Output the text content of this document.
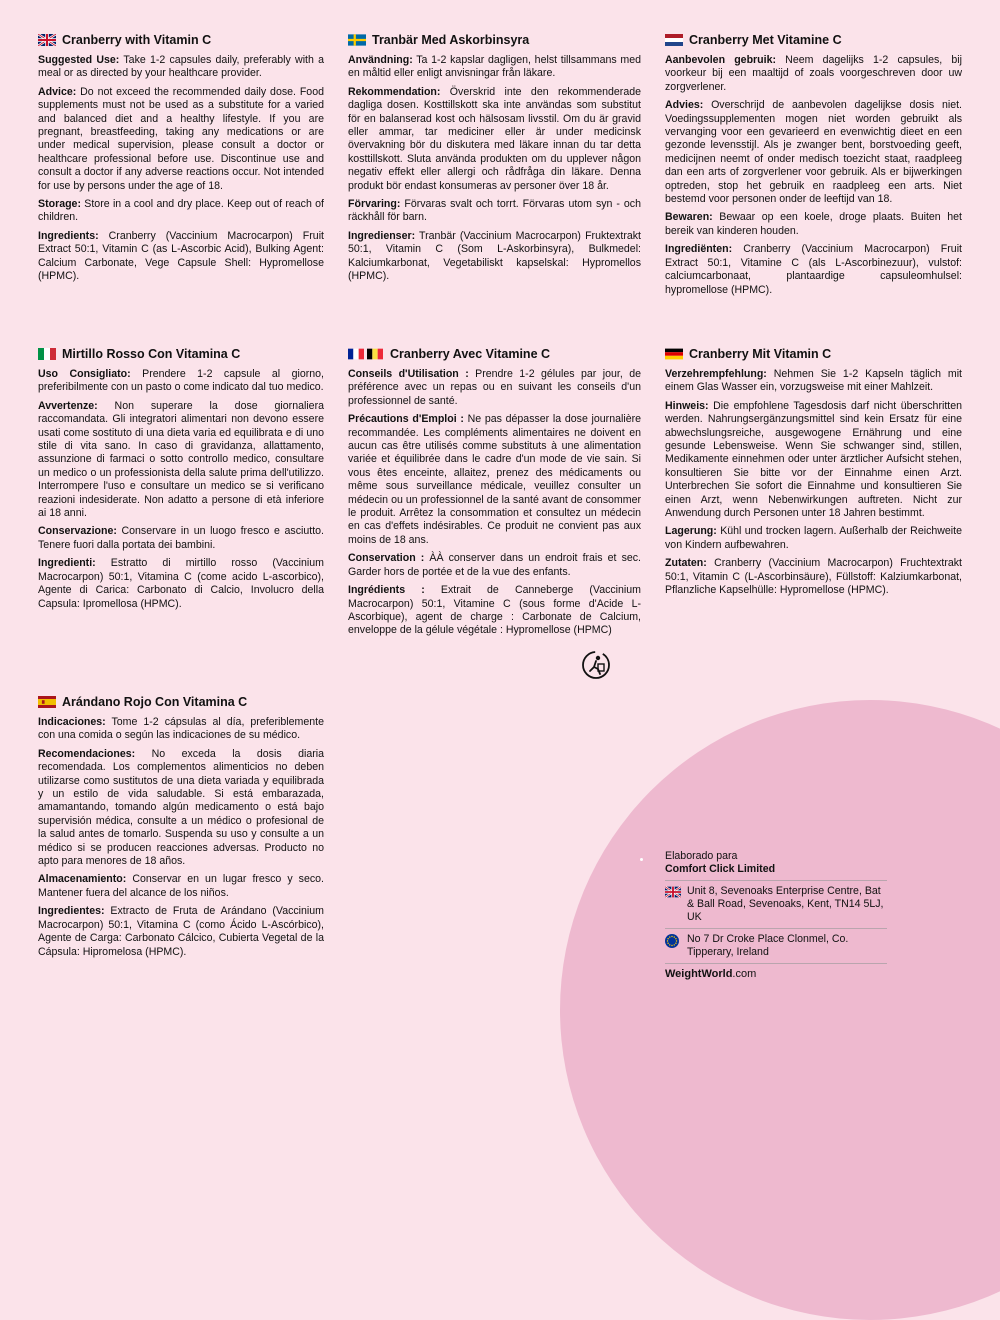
Cranberry with Vitamin C

Suggested Use: Take 1-2 capsules daily, preferably with a meal or as directed by your healthcare provider.

Advice: Do not exceed the recommended daily dose. Food supplements must not be used as a substitute for a varied and balanced diet and a healthy lifestyle. If you are pregnant, breastfeeding, taking any medications or are under medical supervision, please consult a doctor or healthcare professional before use. Discontinue use and consult a doctor if any adverse reactions occur. Not intended for use by persons under the age of 18.

Storage: Store in a cool and dry place. Keep out of reach of children.

Ingredients: Cranberry (Vaccinium Macrocarpon) Fruit Extract 50:1, Vitamin C (as L-Ascorbic Acid), Bulking Agent: Calcium Carbonate, Vege Capsule Shell: Hypromellose (HPMC).

Tranbär Med Askorbinsyra

Användning: Ta 1-2 kapslar dagligen, helst tillsammans med en måltid eller enligt anvisningar från läkare.

Rekommendation: Överskrid inte den rekommenderade dagliga dosen. Kosttillskott ska inte användas som substitut för en balanserad kost och hälsosam livsstil. Om du är gravid eller ammar, tar mediciner eller är under medicinsk övervakning bör du diskutera med läkare innan du tar detta kosttillskott. Sluta använda produkten om du upplever någon negativ effekt eller allergi och rådfråga din läkare. Denna produkt bör endast konsumeras av personer över 18 år.

Förvaring: Förvaras svalt och torrt. Förvaras utom syn - och räckhåll för barn.

Ingredienser: Tranbär (Vaccinium Macrocarpon) Fruktextrakt 50:1, Vitamin C (Som L-Askorbinsyra), Bulkmedel: Kalciumkarbonat, Vegetabiliskt kapselskal: Hypromellos (HPMC).

Cranberry Met Vitamine C

Aanbevolen gebruik: Neem dagelijks 1-2 capsules, bij voorkeur bij een maaltijd of zoals voorgeschreven door uw zorgverlener.

Advies: Overschrijd de aanbevolen dagelijkse dosis niet. Voedingssupplementen mogen niet worden gebruikt als vervanging voor een gevarieerd en evenwichtig dieet en een gezonde levensstijl. Als je zwanger bent, borstvoeding geeft, medicijnen neemt of onder medisch toezicht staat, raadpleeg dan een arts of zorgverlener voor gebruik. Als er bijwerkingen optreden, stop het gebruik en raadpleeg een arts. Niet bestemd voor personen onder de leeftijd van 18.

Bewaren: Bewaar op een koele, droge plaats. Buiten het bereik van kinderen houden.

Ingrediënten: Cranberry (Vaccinium Macrocarpon) Fruit Extract 50:1, Vitamine C (als L-Ascorbinezuur), vulstof: calciumcarbonaat, plantaardige capsuleomhulsel: hypromellose (HPMC).

Mirtillo Rosso Con Vitamina C

Uso Consigliato: Prendere 1-2 capsule al giorno, preferibilmente con un pasto o come indicato dal tuo medico.

Avvertenze: Non superare la dose giornaliera raccomandata. Gli integratori alimentari non devono essere usati come sostituto di una dieta varia ed equilibrata e di uno stile di vita sano. In caso di gravidanza, allattamento, assunzione di farmaci o sotto controllo medico, consultare un medico o un professionista della salute prima dell'utilizzo. Interrompere l'uso e consultare un medico se si verificano reazioni indesiderate. Non adatto a persone di età inferiore ai 18 anni.

Conservazione: Conservare in un luogo fresco e asciutto. Tenere fuori dalla portata dei bambini.

Ingredienti: Estratto di mirtillo rosso (Vaccinium Macrocarpon) 50:1, Vitamina C (come acido L-ascorbico), Agente di Carica: Carbonato di Calcio, Involucro della Capsula: Ipromellosa (HPMC).

Cranberry Avec Vitamine C

Conseils d'Utilisation : Prendre 1-2 gélules par jour, de préférence avec un repas ou en suivant les conseils d'un professionnel de santé.

Précautions d'Emploi : Ne pas dépasser la dose journalière recommandée. Les compléments alimentaires ne doivent en aucun cas être utilisés comme substituts à une alimentation variée et équilibrée dans le cadre d'un mode de vie sain. Si vous êtes enceinte, allaitez, prenez des médicaments ou même sous surveillance médicale, veuillez consulter un médecin ou un professionnel de la santé avant de consommer le produit. Arrêtez la consommation et consultez un médecin en cas d'effets indésirables. Ce produit ne convient pas aux moins de 18 ans.

Conservation : ÀÀ conserver dans un endroit frais et sec. Garder hors de portée et de la vue des enfants.

Ingrédients : Extrait de Canneberge (Vaccinium Macrocarpon) 50:1, Vitamine C (sous forme d'Acide L-Ascorbique), agent de charge : Carbonate de Calcium, enveloppe de la gélule végétale : Hypromellose (HPMC)

Cranberry Mit Vitamin C

Verzehrempfehlung: Nehmen Sie 1-2 Kapseln täglich mit einem Glas Wasser ein, vorzugsweise mit einer Mahlzeit.

Hinweis: Die empfohlene Tagesdosis darf nicht überschritten werden. Nahrungsergänzungsmittel sind kein Ersatz für eine abwechslungsreiche, ausgewogene Ernährung und eine gesunde Lebensweise. Wenn Sie schwanger sind, stillen, Medikamente einnehmen oder unter ärztlicher Aufsicht stehen, konsultieren Sie bitte vor der Einnahme einen Arzt. Unterbrechen Sie sofort die Einnahme und konsultieren Sie einen Arzt, wenn Nebenwirkungen auftreten. Nicht zur Anwendung durch Personen unter 18 Jahren bestimmt.

Lagerung: Kühl und trocken lagern. Außerhalb der Reichweite von Kindern aufbewahren.

Zutaten: Cranberry (Vaccinium Macrocarpon) Fruchtextrakt 50:1, Vitamin C (L-Ascorbinsäure), Füllstoff: Kalziumkarbonat, Pflanzliche Kapselhülle: Hypromellose (HPMC).

Arándano Rojo Con Vitamina C

Indicaciones: Tome 1-2 cápsulas al día, preferiblemente con una comida o según las indicaciones de su médico.

Recomendaciones: No exceda la dosis diaria recomendada. Los complementos alimenticios no deben utilizarse como sustitutos de una dieta variada y equilibrada y un estilo de vida saludable. Si está embarazada, amamantando, tomando algún medicamento o está bajo supervisión médica, consulte a un médico o profesional de la salud antes de tomarlo. Suspenda su uso y consulte a un médico si se producen reacciones adversas. Producto no apto para menores de 18 años.

Almacenamiento: Conservar en un lugar fresco y seco. Mantener fuera del alcance de los niños.

Ingredientes: Extracto de Fruta de Arándano (Vaccinium Macrocarpon) 50:1, Vitamina C (como Ácido L-Ascórbico), Agente de Carga: Carbonato Cálcico, Cubierta Vegetal de la Cápsula: Hipromelosa (HPMC).

Elaborado para
Comfort Click Limited
Unit 8, Sevenoaks Enterprise Centre, Bat & Ball Road, Sevenoaks, Kent, TN14 5LJ, UK
No 7 Dr Croke Place Clonmel, Co. Tipperary, Ireland
WeightWorld.com
